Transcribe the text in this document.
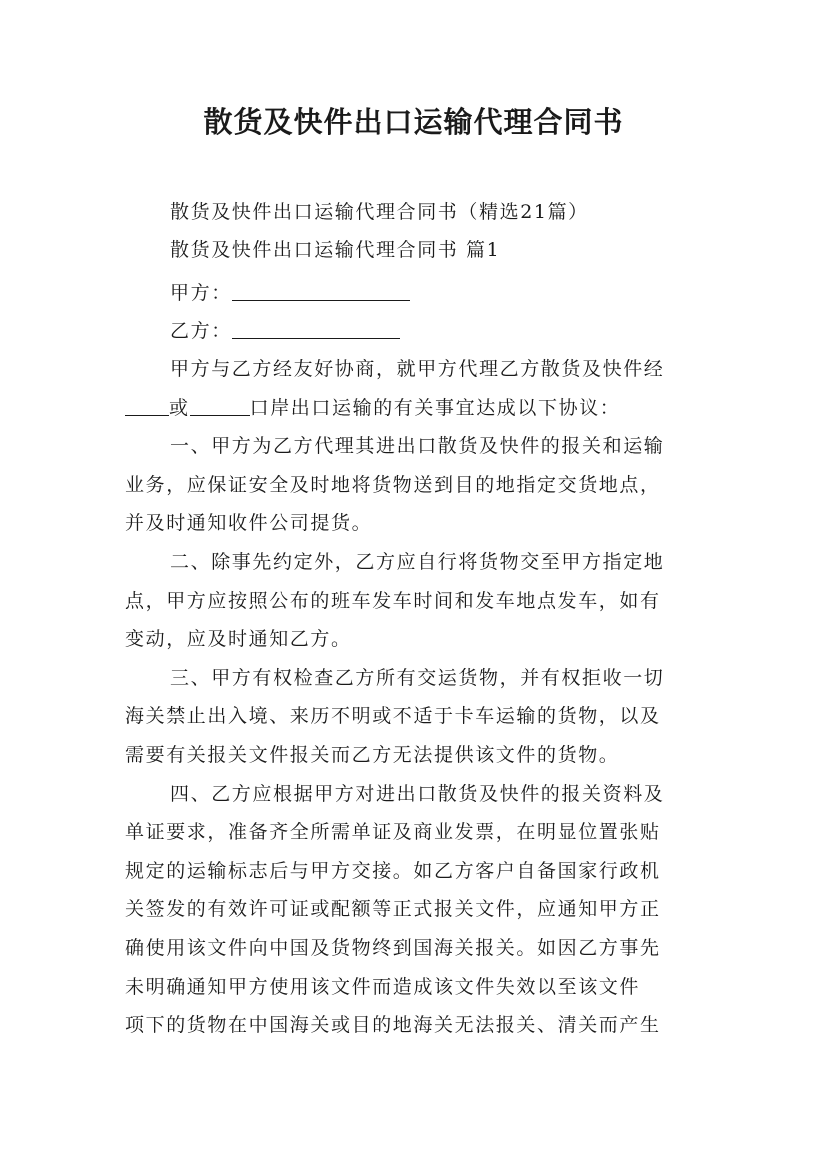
散货及快件出口运输代理合同书
散货及快件出口运输代理合同书（精选21篇）
散货及快件出口运输代理合同书 篇1
甲方：
乙方：
甲方与乙方经友好协商，就甲方代理乙方散货及快件经
或	口岸出口运输的有关事宜达成以下协议：
一、甲方为乙方代理其进出口散货及快件的报关和运输
业务，应保证安全及时地将货物送到目的地指定交货地点，
并及时通知收件公司提货。
二、除事先约定外，乙方应自行将货物交至甲方指定地
点，甲方应按照公布的班车发车时间和发车地点发车，如有
变动，应及时通知乙方。
三、甲方有权检查乙方所有交运货物，并有权拒收一切
海关禁止出入境、来历不明或不适于卡车运输的货物，以及
需要有关报关文件报关而乙方无法提供该文件的货物。
四、乙方应根据甲方对进出口散货及快件的报关资料及
单证要求，准备齐全所需单证及商业发票，在明显位置张贴
规定的运输标志后与甲方交接。如乙方客户自备国家行政机
关签发的有效许可证或配额等正式报关文件，应通知甲方正
确使用该文件向中国及货物终到国海关报关。如因乙方事先
未明确通知甲方使用该文件而造成该文件失效以至该文件
项下的货物在中国海关或目的地海关无法报关、清关而产生
